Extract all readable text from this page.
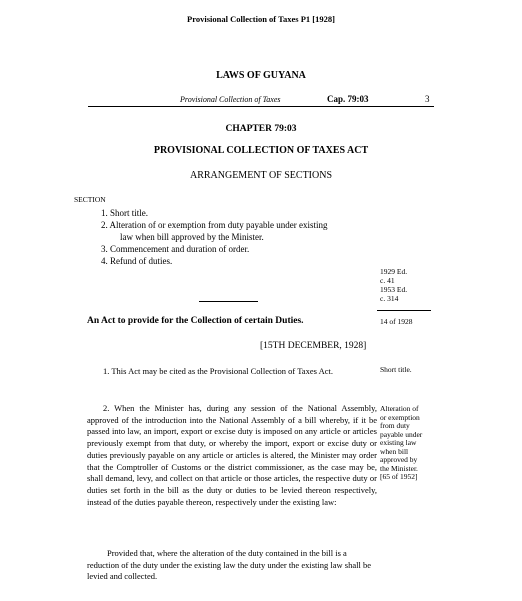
Provisional Collection of Taxes P1 [1928]
LAWS OF GUYANA
Provisional Collection of Taxes	Cap. 79:03	3
CHAPTER 79:03
PROVISIONAL COLLECTION OF TAXES ACT
ARRANGEMENT OF SECTIONS
SECTION
1. Short title.
2. Alteration of or exemption from duty payable under existing
law when bill approved by the Minister.
3. Commencement and duration of order.
4. Refund of duties.
1929 Ed.
c. 41
1953 Ed.
c. 314
An Act to provide for the Collection of certain Duties.	14 of 1928
[15TH DECEMBER, 1928]
1. This Act may be cited as the Provisional Collection of Taxes Act.	Short title.
2. When the Minister has, during any session of the National Assembly, approved of the introduction into the National Assembly of a bill whereby, if it be passed into law, an import, export or excise duty is imposed on any article or articles previously exempt from that duty, or whereby the import, export or excise duty or duties previously payable on any article or articles is altered, the Minister may order that the Comptroller of Customs or the district commissioner, as the case may be, shall demand, levy, and collect on that article or those articles, the respective duty or duties set forth in the bill as the duty or duties to be levied thereon respectively, instead of the duties payable thereon, respectively under the existing law:
Alteration of
or exemption
from duty
payable under
existing law
when bill
approved by
the Minister.
[65 of 1952]
Provided that, where the alteration of the duty contained in the bill is a reduction of the duty under the existing law the duty under the existing law shall be levied and collected.
